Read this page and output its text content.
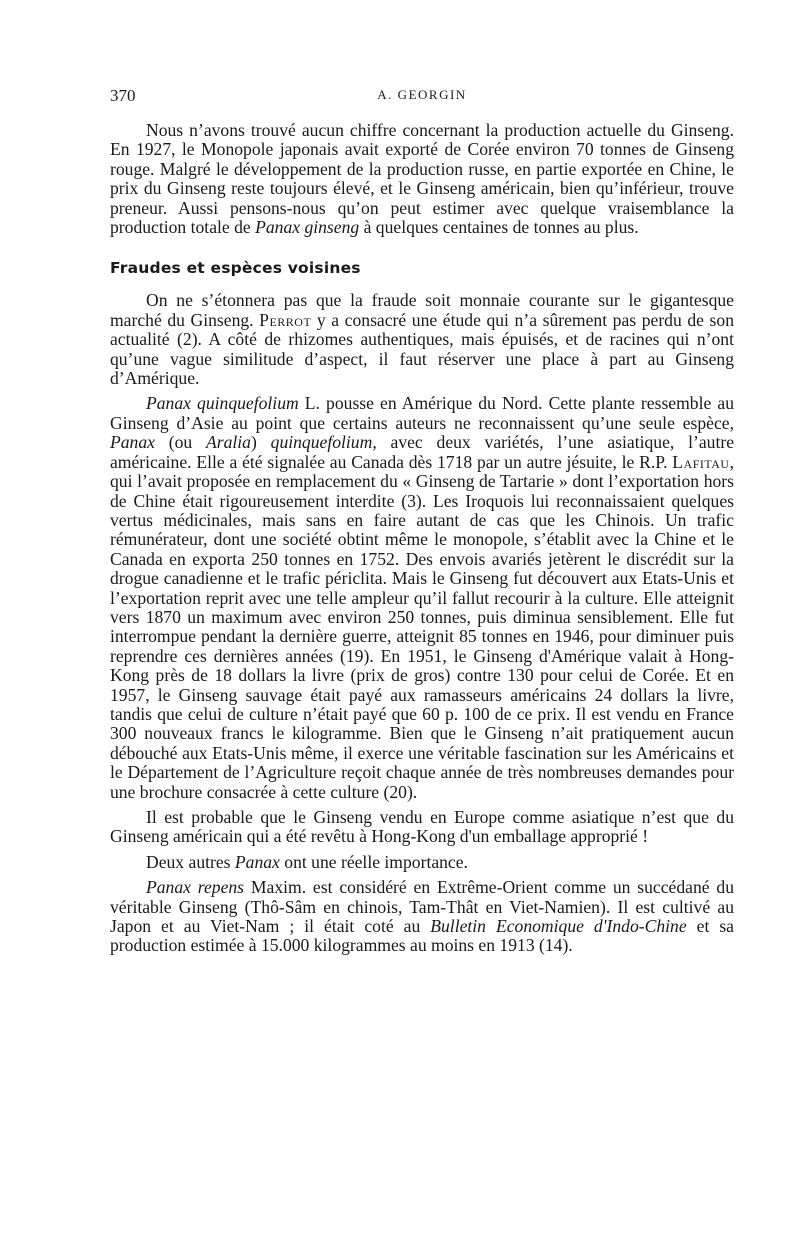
370	A. GEORGIN

Nous n’avons trouvé aucun chiffre concernant la production actuelle du Ginseng. En 1927, le Monopole japonais avait exporté de Corée environ 70 tonnes de Ginseng rouge. Malgré le développement de la production russe, en partie exportée en Chine, le prix du Ginseng reste toujours élevé, et le Ginseng américain, bien qu’inférieur, trouve preneur. Aussi pensons-nous qu’on peut estimer avec quelque vraisemblance la production totale de Panax ginseng à quelques centaines de tonnes au plus.

Fraudes et espèces voisines

On ne s’étonnera pas que la fraude soit monnaie courante sur le gigantesque marché du Ginseng. Perrot y a consacré une étude qui n’a sûrement pas perdu de son actualité (2). A côté de rhizomes authentiques, mais épuisés, et de racines qui n’ont qu’une vague similitude d’aspect, il faut réserver une place à part au Ginseng d’Amérique.

Panax quinquefolium L. pousse en Amérique du Nord. Cette plante ressemble au Ginseng d’Asie au point que certains auteurs ne reconnaissent qu’une seule espèce, Panax (ou Aralia) quinquefolium, avec deux variétés, l’une asiatique, l’autre américaine. Elle a été signalée au Canada dès 1718 par un autre jésuite, le R.P. Lafitau, qui l’avait proposée en remplacement du « Ginseng de Tartarie » dont l’exportation hors de Chine était rigoureusement interdite (3). Les Iroquois lui reconnaissaient quelques vertus médicinales, mais sans en faire autant de cas que les Chinois. Un trafic rémunérateur, dont une société obtint même le monopole, s’établit avec la Chine et le Canada en exporta 250 tonnes en 1752. Des envois avariés jetèrent le discrédit sur la drogue canadienne et le trafic périclita. Mais le Ginseng fut découvert aux Etats-Unis et l’exportation reprit avec une telle ampleur qu’il fallut recourir à la culture. Elle atteignit vers 1870 un maximum avec environ 250 tonnes, puis diminua sensiblement. Elle fut interrompue pendant la dernière guerre, atteignit 85 tonnes en 1946, pour diminuer puis reprendre ces dernières années (19). En 1951, le Ginseng d'Amérique valait à Hong-Kong près de 18 dollars la livre (prix de gros) contre 130 pour celui de Corée. Et en 1957, le Ginseng sauvage était payé aux ramasseurs américains 24 dollars la livre, tandis que celui de culture n’était payé que 60 p. 100 de ce prix. Il est vendu en France 300 nouveaux francs le kilogramme. Bien que le Ginseng n’ait pratiquement aucun débouché aux Etats-Unis même, il exerce une véritable fascination sur les Américains et le Département de l’Agriculture reçoit chaque année de très nombreuses demandes pour une brochure consacrée à cette culture (20).

Il est probable que le Ginseng vendu en Europe comme asiatique n’est que du Ginseng américain qui a été revêtu à Hong-Kong d'un emballage approprié !

Deux autres Panax ont une réelle importance.

Panax repens Maxim. est considéré en Extrême-Orient comme un succédané du véritable Ginseng (Thô-Sâm en chinois, Tam-Thât en Viet-Namien). Il est cultivé au Japon et au Viet-Nam ; il était coté au Bulletin Economique d'Indo-Chine et sa production estimée à 15.000 kilogrammes au moins en 1913 (14).
